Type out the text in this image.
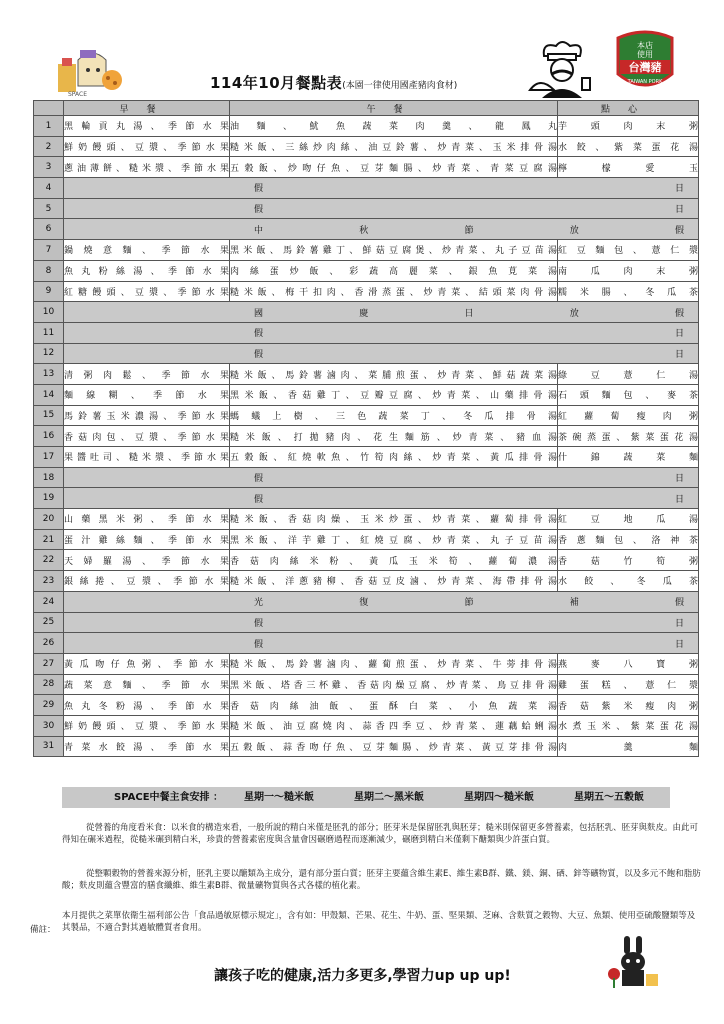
SPACE
本店
使用
台灣豬
TAIWAN PORK
114年10月餐點表(本園一律使用國產豬肉食材)
	早餐	午餐	點心
1	黑輪貢丸湯、季節水果	油麵、魷魚蔬菜肉羹、龍鳳丸	芋頭肉末粥
2	鮮奶饅頭、豆漿、季節水果	糙米飯、三絲炒肉絲、油豆鈴薯、炒青菜、玉米排骨湯	水餃、紫菜蛋花湯
3	蔥油薄餅、糙米漿、季節水果	五穀飯、炒吻仔魚、豆芽麵腸、炒青菜、青菜豆腐湯	檸檬愛玉
4	假 日		

5	假 日		

6	中 秋 節 放 假		

7	鍋燒意麵、季節水果	黑米飯、馬鈴薯雞丁、鮮菇豆腐煲、炒青菜、丸子豆苗湯	紅豆麵包、薏仁漿
8	魚丸粉絲湯、季節水果	肉絲蛋炒飯、彩蔬高麗菜、銀魚莧菜湯	南瓜肉末粥
9	紅糖饅頭、豆漿、季節水果	糙米飯、梅干扣肉、香滑蒸蛋、炒青菜、結頭菜肉骨湯	糯米腸、冬瓜茶
10	國 慶 日 放 假		

11	假 日		

12	假 日		

13	清粥肉鬆、季節水果	糙米飯、馬鈴薯滷肉、菜脯煎蛋、炒青菜、鮮菇蔬菜湯	綠豆薏仁湯
14	麵線糊、季節水果	黑米飯、香菇雞丁、豆瓣豆腐、炒青菜、山藥排骨湯	石頭麵包、麥茶
15	馬鈴薯玉米濃湯、季節水果	螞蟻上樹、三色蔬菜丁、冬瓜排骨湯	紅蘿蔔瘦肉粥
16	香菇肉包、豆漿、季節水果	糙米飯、打拋豬肉、花生麵筋、炒青菜、豬血湯	茶碗蒸蛋、紫菜蛋花湯
17	果醬吐司、糙米漿、季節水果	五穀飯、紅燒軟魚、竹筍肉絲、炒青菜、黃瓜排骨湯	什錦蔬菜麵
18	假 日		

19	假 日		

20	山藥黑米粥、季節水果	糙米飯、香菇肉燥、玉米炒蛋、炒青菜、蘿蔔排骨湯	紅豆地瓜湯
21	蛋汁雞絲麵、季節水果	黑米飯、洋芋雞丁、紅燒豆腐、炒青菜、丸子豆苗湯	香蔥麵包、洛神茶
22	天婦羅湯、季節水果	香菇肉絲米粉、黃瓜玉米筍、蘿蔔濃湯	香菇竹筍粥
23	銀絲捲、豆漿、季節水果	糙米飯、洋蔥豬柳、香菇豆皮滷、炒青菜、海帶排骨湯	水餃、冬瓜茶
24	光 復 節 補 假		

25	假 日		

26	假 日		

27	黃瓜吻仔魚粥、季節水果	糙米飯、馬鈴薯滷肉、蘿蔔煎蛋、炒青菜、牛蒡排骨湯	燕麥八寶粥
28	蔬菜意麵、季節水果	黑米飯、塔香三杯雞、香菇肉燥豆腐、炒青菜、鳥豆排骨湯	雞蛋糕、薏仁漿
29	魚丸冬粉湯、季節水果	香菇肉絲油飯、蛋酥白菜、小魚蔬菜湯	香菇紫米瘦肉粥
30	鮮奶饅頭、豆漿、季節水果	糙米飯、油豆腐燒肉、蒜香四季豆、炒青菜、蓮藕蛤蜊湯	水煮玉米、紫菜蛋花湯
31	青菜水餃湯、季節水果	五穀飯、蒜香吻仔魚、豆芽麵腸、炒青菜、黃豆芽排骨湯	肉羹麵
SPACE中餐主食安排 ： 星期一～糙米飯	星期二～黑米飯	星期四～糙米飯	星期五～五穀飯
從營養的角度看米食：以米食的構造來看，一般所說的精白米僅是胚乳的部分；胚芽米是保留胚乳與胚芽；糙米則保留更多營養素，包括胚乳、胚芽與麩皮。由此可得知在碾米過程，從糙米碾到精白米，珍貴的營養素密度與含量會因碾磨過程而逐漸減少，碾磨到精白米僅剩下醣類與少許蛋白質。
從整顆穀物的營養來源分析，胚乳主要以醣類為主成分，還有部分蛋白質；胚芽主要蘊含維生素E、維生素B群、鐵、鎂、銅、硒、鋅等礦物質，以及多元不飽和脂肪酸；麩皮則蘊含豐富的膳食纖維、維生素B群、微量礦物質與各式各樣的植化素。
本月提供之菜單依衛生福利部公告「食品過敏原標示規定」，含有如：甲殼類、芒果、花生、牛奶、蛋、堅果類、芝麻、含麩質之穀物、大豆、魚類、使用亞硫酸鹽類等及其製品，不適合對其過敏體質者食用。
備註：
讓孩子吃的健康,活力多更多,學習力up up up!
